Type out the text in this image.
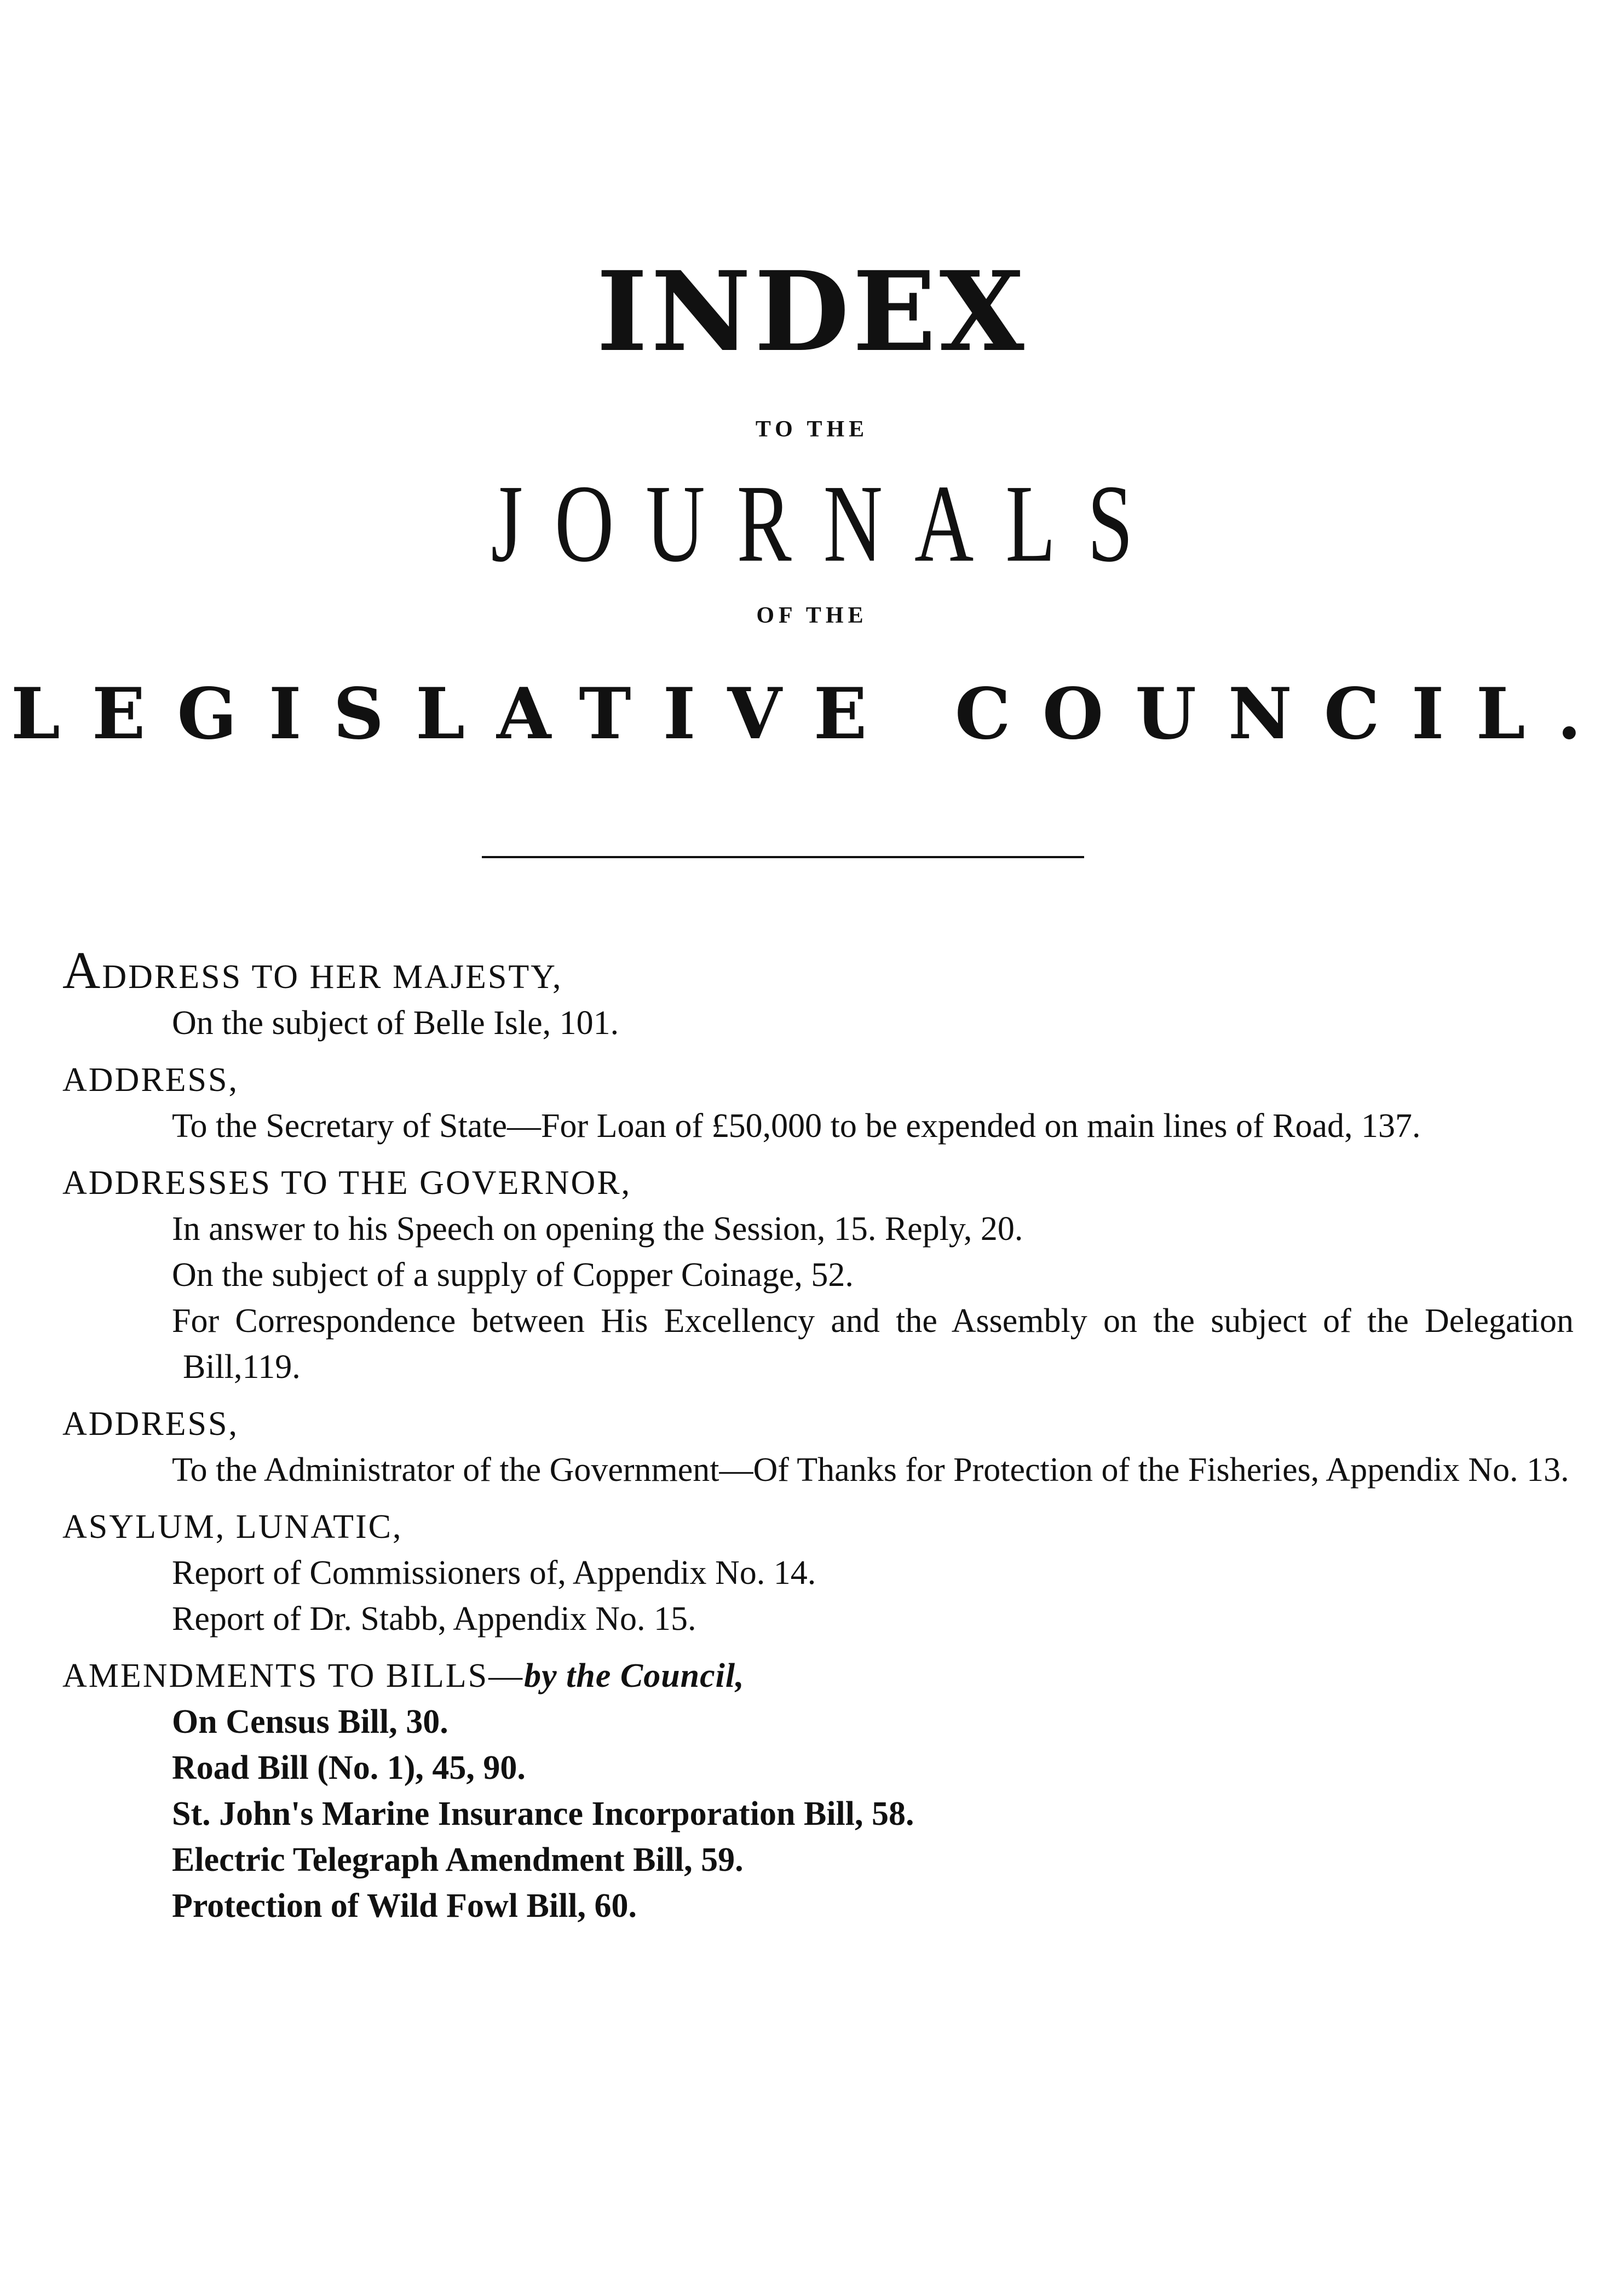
INDEX
TO THE
JOURNALS
OF THE
LEGISLATIVE COUNCIL.
ADDRESS TO HER MAJESTY,
On the subject of Belle Isle, 101.
ADDRESS,
To the Secretary of State—For Loan of £50,000 to be expended on main lines of Road, 137.
ADDRESSES TO THE GOVERNOR,
In answer to his Speech on opening the Session, 15. Reply, 20.
On the subject of a supply of Copper Coinage, 52.
For Correspondence between His Excellency and the Assembly on the subject of the Delegation Bill,119.
ADDRESS,
To the Administrator of the Government—Of Thanks for Protection of the Fisheries, Appendix No. 13.
ASYLUM, LUNATIC,
Report of Commissioners of, Appendix No. 14.
Report of Dr. Stabb, Appendix No. 15.
AMENDMENTS TO BILLS—by the Council,
On Census Bill, 30.
Road Bill (No. 1), 45, 90.
St. John's Marine Insurance Incorporation Bill, 58.
Electric Telegraph Amendment Bill, 59.
Protection of Wild Fowl Bill, 60.
